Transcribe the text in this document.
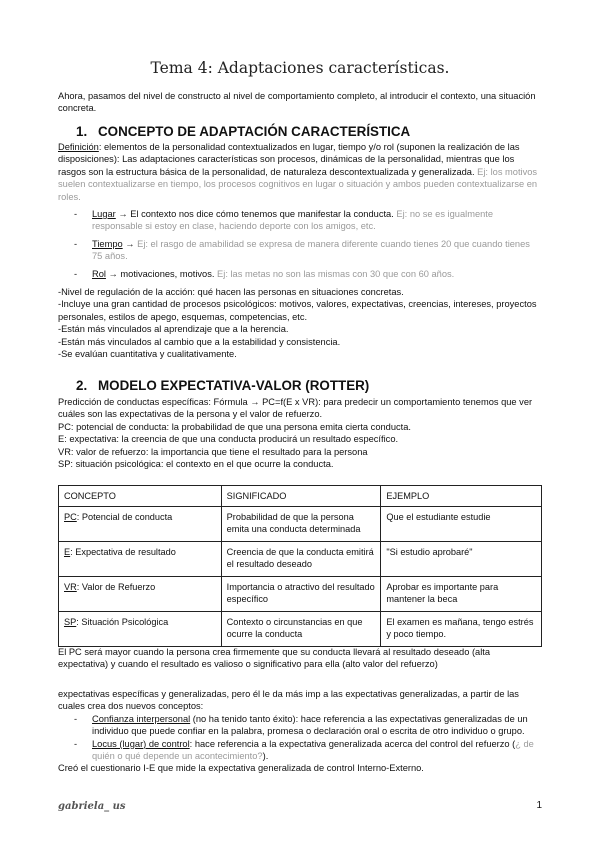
Tema 4: Adaptaciones características.
Ahora, pasamos del nivel de constructo al nivel de comportamiento completo, al introducir el contexto, una situación concreta.
1. CONCEPTO DE ADAPTACIÓN CARACTERÍSTICA
Definición: elementos de la personalidad contextualizados en lugar, tiempo y/o rol (suponen la realización de las disposiciones): Las adaptaciones características son procesos, dinámicas de la personalidad, mientras que los rasgos son la estructura básica de la personalidad, de naturaleza descontextualizada y generalizada. Ej: los motivos suelen contextualizarse en tiempo, los procesos cognitivos en lugar o situación y ambos pueden contextualizarse en roles.
- Lugar → El contexto nos dice cómo tenemos que manifestar la conducta. Ej: no se es igualmente responsable si estoy en clase, haciendo deporte con los amigos, etc.
- Tiempo → Ej: el rasgo de amabilidad se expresa de manera diferente cuando tienes 20 que cuando tienes 75 años.
- Rol → motivaciones, motivos. Ej: las metas no son las mismas con 30 que con 60 años.
-Nivel de regulación de la acción: qué hacen las personas en situaciones concretas.
-Incluye una gran cantidad de procesos psicológicos: motivos, valores, expectativas, creencias, intereses, proyectos personales, estilos de apego, esquemas, competencias, etc.
-Están más vinculados al aprendizaje que a la herencia.
-Están más vinculados al cambio que a la estabilidad y consistencia.
-Se evalúan cuantitativa y cualitativamente.
2. MODELO EXPECTATIVA-VALOR (ROTTER)
Predicción de conductas específicas: Fórmula → PC=f(E x VR): para predecir un comportamiento tenemos que ver cuáles son las expectativas de la persona y el valor de refuerzo.
PC: potencial de conducta: la probabilidad de que una persona emita cierta conducta.
E: expectativa: la creencia de que una conducta producirá un resultado específico.
VR: valor de refuerzo: la importancia que tiene el resultado para la persona
SP: situación psicológica: el contexto en el que ocurre la conducta.
CONCEPTO	SIGNIFICADO	EJEMPLO
PC: Potencial de conducta	Probabilidad de que la persona emita una conducta determinada	Que el estudiante estudie
E: Expectativa de resultado	Creencia de que la conducta emitirá el resultado deseado	"Si estudio aprobaré"
VR: Valor de Refuerzo	Importancia o atractivo del resultado específico	Aprobar es importante para mantener la beca
SP: Situación Psicológica	Contexto o circunstancias en que ocurre la conducta	El examen es mañana, tengo estrés y poco tiempo.
El PC será mayor cuando la persona crea firmemente que su conducta llevará al resultado deseado (alta expectativa) y cuando el resultado es valioso o significativo para ella (alto valor del refuerzo)
expectativas específicas y generalizadas, pero él le da más imp a las expectativas generalizadas, a partir de las cuales crea dos nuevos conceptos:
- Confianza interpersonal (no ha tenido tanto éxito): hace referencia a las expectativas generalizadas de un individuo que puede confiar en la palabra, promesa o declaración oral o escrita de otro individuo o grupo.
- Locus (lugar) de control: hace referencia a la expectativa generalizada acerca del control del refuerzo (¿ de quién o qué depende un acontecimiento?).
Creó el cuestionario I-E que mide la expectativa generalizada de control Interno-Externo.
gabriela_ us	1
